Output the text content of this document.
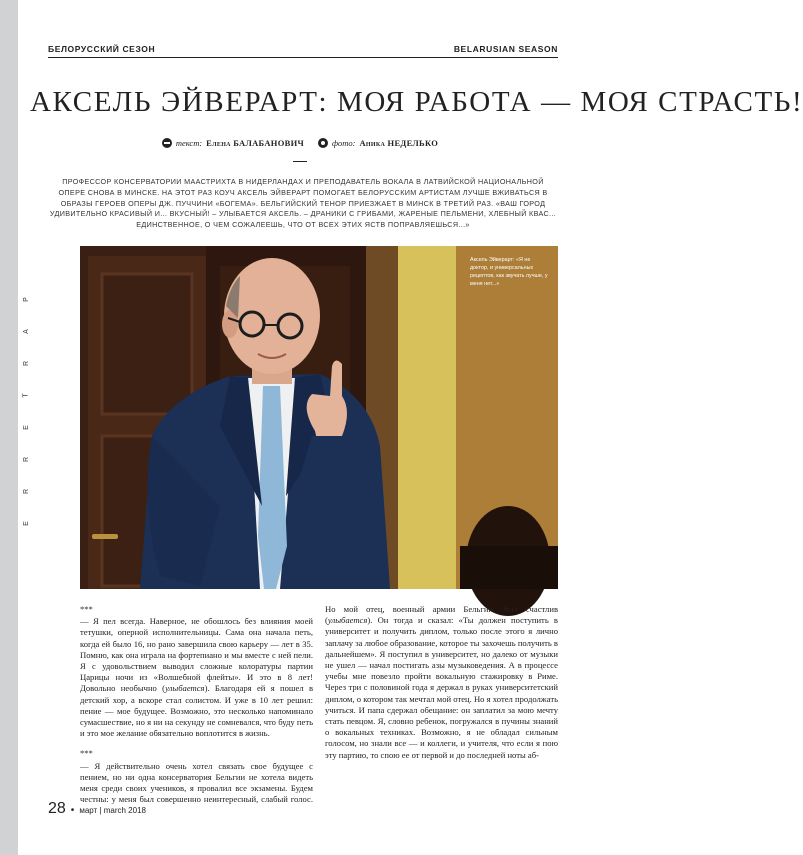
P
A
R
T
E
R
R
E
БЕЛОРУССКИЙ СЕЗОН	BELARUSIAN SEASON
АКСЕЛЬ ЭЙВЕРАРТ: МОЯ РАБОТА — МОЯ СТРАСТЬ!
текст: Елена БАЛАБАНОВИЧ	фото: Аника НЕДЕЛЬКО
ПРОФЕССОР КОНСЕРВАТОРИИ МААСТРИХТА В НИДЕРЛАНДАХ И ПРЕПОДАВАТЕЛЬ ВОКАЛА В ЛАТВИЙСКОЙ НАЦИОНАЛЬНОЙ ОПЕРЕ СНОВА В МИНСКЕ. НА ЭТОТ РАЗ КОУЧ АКСЕЛЬ ЭЙВЕРАРТ ПОМОГАЕТ БЕЛОРУССКИМ АРТИСТАМ ЛУЧШЕ ВЖИВАТЬСЯ В ОБРАЗЫ ГЕРОЕВ ОПЕРЫ ДЖ. ПУЧЧИНИ «БОГЕМА». БЕЛЬГИЙСКИЙ ТЕНОР ПРИЕЗЖАЕТ В МИНСК В ТРЕТИЙ РАЗ. «ВАШ ГОРОД УДИВИТЕЛЬНО КРАСИВЫЙ И... ВКУСНЫЙ! – УЛЫБАЕТСЯ АКСЕЛЬ. – ДРАНИКИ С ГРИБАМИ, ЖАРЕНЫЕ ПЕЛЬМЕНИ, ХЛЕБНЫЙ КВАС... ЕДИНСТВЕННОЕ, О ЧЕМ СОЖАЛЕЕШЬ, ЧТО ОТ ВСЕХ ЭТИХ ЯСТВ ПОПРАВЛЯЕШЬСЯ...»
Аксель Эйверарт: «Я не доктор, и универсальных рецептов, как звучать лучше, у меня нет...»

***

— Я пел всегда. Наверное, не обошлось без влияния моей тетушки, оперной исполнительницы. Сама она начала петь, когда ей было 16, но рано завершила свою карьеру — лет в 35. Помню, как она играла на фортепиано и мы вместе с ней пели. Я с удовольствием выводил сложные колоратуры партии Царицы ночи из «Волшебной флейты». И это в 8 лет! Довольно необычно (улыбается). Благодаря ей я пошел в детский хор, а вскоре стал солистом. И уже в 10 лет решил: пение — мое будущее. Возможно, это несколько напоминало сумасшествие, но я ни на секунду не сомневался, что буду петь и это мое желание обязательно воплотится в жизнь.

***

— Я действительно очень хотел связать свое будущее с пением, но ни одна консерватория Бельгии не хотела видеть меня среди своих учеников, я провалил все экзамены. Будем честны: у меня был совершенно неинтересный, слабый голос. Но мой отец, военный армии Бельгии, был счастлив (улыбается). Он тогда и сказал: «Ты должен поступить в университет и получить диплом, только после этого я лично заплачу за любое образование, которое ты захочешь получить в дальнейшем». Я поступил в университет, но далеко от музыки не ушел — начал постигать азы музыковедения. А в процессе учебы мне повезло пройти вокальную стажировку в Риме. Через три с половиной года я держал в руках университетский диплом, о котором так мечтал мой отец. Но я хотел продолжать учиться. И папа сдержал обещание: он заплатил за мою мечту стать певцом. Я, словно ребенок, погружался в пучины знаний о вокальных техниках. Возможно, я не обладал сильным голосом, но знали все — и коллеги, и учителя, что если я пою эту партию, то спою ее от первой и до последней ноты аб-

28 • март | march 2018
